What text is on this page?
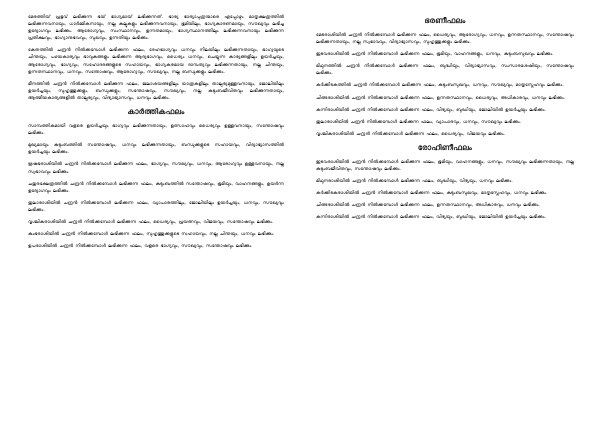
മേരത്തിയ് പ്രഭുവ് ലഭിക്കുന്ന ഭയ് ഭാഗ്യമായ് ലഭിക്കുന്നത്. ഭാര്യ ഭാര്യാപുത്രന്മാരെ എപ്പോഴും മാതൃക്ഷത്രത്തിൽ ലഭിക്കുന്നവനായും, ധാർമ്മികനായും, നല്ല കല്പുകളും ലഭിക്കുന്നവനായും, ഭൂമിയിലും, ഭാഗ്യകാരണമായും, സൗഖ്യവും ലഭിച്ച ഉദ്യോഗവും ലഭിക്കും. ആരോഗ്യവും, സംസ്ഥാനവും, ഉന്നതമായും, ഭാഗ്യസ്ഥാനത്തിലും ലഭിക്കുന്നവനായും ലഭിക്കുന്ന പ്രതിക്ഷവും, ഭാഗ്യാനുഭവവും, സുഖവും, ഉന്നതിയും ലഭിക്കും.

കേതത്തിൽ ചന്ദ്രൻ നിൽക്കമ്പോൾ ലഭിക്കുന്ന ഫലം, ദേഹഭാഗ്യവും ധനവും നിലയിലും ലഭിക്കുന്നതായും, ഭാഗ്യയുടെ ചിന്തയും, പഴയകാര്യവും ഭാവുകങ്ങളും ലഭിക്കുന്ന ആദ്യഭാഗവും, ധൈര്യം ധനവും, ചെയ്യുന്ന കാര്യങ്ങളിലും ഉയർച്ചയും, ആരോഗ്യവും, ഭാഗ്യവും, സഹോദരങ്ങളുടെ സഹായവും, ഭാഗ്യകരമായ ദാമ്പത്യവും ലഭിക്കുന്നതായും, നല്ല ചിന്തയും, ഉന്നതസ്ഥാനവും, ധനവും, സന്തോഷവും, ആരോഗ്യവും, സൗഖ്യവും, നല്ല ബന്ധുക്കളും ലഭിക്കും.

മീനത്തിൽ ചന്ദ്രൻ നിൽക്കമ്പോൾ ലഭിക്കുന്ന ഫലം, ജലാശയങ്ങളിലും യാത്രകളിലും താല്പര്യമുള്ളവനായും, ജോലിയിലും ഉയർച്ചയും, സുഹൃത്തുക്കളും, ബന്ധുക്കളും, സന്തോഷവും, സൗഖ്യവും, നല്ല കുടുംബജീവിതവും ലഭിക്കുന്നതായും, ആത്മീയകാര്യങ്ങളിൽ താല്പര്യവും, വിദ്യാഭ്യാസവും, ധനവും ലഭിക്കും.

കാർത്തികഫലം

സാമ്പത്തികമായി വളരെ ഉയർച്ചയും ഭാഗ്യവും ലഭിക്കുന്നതായും, ഉത്സാഹവും ധൈര്യവും ഉള്ളവനായും, സന്തോഷവും ലഭിക്കും.

മുഖ്യമായും കുടുംബത്തിൽ സന്തോഷവും, ധനവും ലഭിക്കുന്നതായും, ബന്ധുക്കളുടെ സഹായവും, വിദ്യാഭ്യാസത്തിൽ ഉയർച്ചയും ലഭിക്കും.

ഋഷഭരാശിയിൽ ചന്ദ്രൻ നിൽക്കമ്പോൾ ലഭിക്കുന്ന ഫലം, ഭാഗ്യവും, സൗഖ്യവും, ധനവും, ആരോഗ്യവും ഉള്ളവനായും, നല്ല സ്വഭാവവും ലഭിക്കും.

ചതുരക്ഷേത്രത്തിൽ ചന്ദ്രൻ നിൽക്കമ്പോൾ ലഭിക്കുന്ന ഫലം, കുടുംബത്തിൽ സന്തോഷവും, ഭൂമിയും, വാഹനങ്ങളും, ഉയർന്ന ഉദ്യോഗവും ലഭിക്കും.

തുലാരാശിയിൽ ചന്ദ്രൻ നിൽക്കമ്പോൾ ലഭിക്കുന്ന ഫലം, വ്യാപാരത്തിലും, ജോലിയിലും ഉയർച്ചയും, ധനവും, സൗഖ്യവും ലഭിക്കും.

വൃശ്ചികരാശിയിൽ ചന്ദ്രൻ നിൽക്കമ്പോൾ ലഭിക്കുന്ന ഫലം, ധൈര്യവും, പ്രയത്നവും, വിജയവും, സന്തോഷവും ലഭിക്കും.

കുംഭരാശിയിൽ ചന്ദ്രൻ നിൽക്കമ്പോൾ ലഭിക്കുന്ന ഫലം, സുഹൃത്തുക്കളുടെ സഹായവും, നല്ല ചിന്തയും, ധനവും ലഭിക്കും.

ഉപരാശിയിൽ ചന്ദ്രൻ നിൽക്കമ്പോൾ ലഭിക്കുന്ന ഫലം, വളരെ ഭാഗ്യവും, സൗഖ്യവും, സന്തോഷവും ലഭിക്കും.

ഭരണീഫലം

മേടരാശിയിൽ ചന്ദ്രൻ നിൽക്കമ്പോൾ ലഭിക്കുന്ന ഫലം, ധൈര്യവും, ആരോഗ്യവും, ധനവും, ഉന്നതസ്ഥാനവും, സന്തോഷവും ലഭിക്കുന്നതായും, നല്ല സ്വഭാവവും, വിദ്യാഭ്യാസവും, സുഹൃത്തുക്കളും ലഭിക്കും.

ഇടവരാശിയിൽ ചന്ദ്രൻ നിൽക്കമ്പോൾ ലഭിക്കുന്ന ഫലം, ഭൂമിയും, വാഹനങ്ങളും, ധനവും, കുടുംബസുഖവും ലഭിക്കും.

മിഥുനത്തിൽ ചന്ദ്രൻ നിൽക്കമ്പോൾ ലഭിക്കുന്ന ഫലം, ബുദ്ധിയും, വിദ്യാഭ്യാസവും, സംസാരശേഷിയും, സന്തോഷവും ലഭിക്കും.

കർക്കിടകത്തിൽ ചന്ദ്രൻ നിൽക്കമ്പോൾ ലഭിക്കുന്ന ഫലം, കുടുംബസുഖവും, ധനവും, സൗഖ്യവും, മാതൃസ്നേഹവും ലഭിക്കും.

ചിങ്ങരാശിയിൽ ചന്ദ്രൻ നിൽക്കമ്പോൾ ലഭിക്കുന്ന ഫലം, ഉന്നതസ്ഥാനവും, ധൈര്യവും, അധികാരവും, ധനവും ലഭിക്കും.

കന്നിരാശിയിൽ ചന്ദ്രൻ നിൽക്കമ്പോൾ ലഭിക്കുന്ന ഫലം, വിദ്യയും, ബുദ്ധിയും, ജോലിയിൽ ഉയർച്ചയും ലഭിക്കും.

തുലാരാശിയിൽ ചന്ദ്രൻ നിൽക്കമ്പോൾ ലഭിക്കുന്ന ഫലം, വ്യാപാരവും, ധനവും, സൗഖ്യവും ലഭിക്കും.

വൃശ്ചികരാശിയിൽ ചന്ദ്രൻ നിൽക്കമ്പോൾ ലഭിക്കുന്ന ഫലം, ധൈര്യവും, വിജയവും ലഭിക്കും.

രോഹിണീഫലം

ഇടവരാശിയിൽ ചന്ദ്രൻ നിൽക്കമ്പോൾ ലഭിക്കുന്ന ഫലം, ഭൂമിയും, വാഹനങ്ങളും, ധനവും, സൗഖ്യവും ലഭിക്കുന്നതായും, നല്ല കുടുംബജീവിതവും, സന്തോഷവും ലഭിക്കും.

മിഥുനരാശിയിൽ ചന്ദ്രൻ നിൽക്കമ്പോൾ ലഭിക്കുന്ന ഫലം, ബുദ്ധിയും, വിദ്യയും, ധനവും ലഭിക്കും.

കർക്കിടകരാശിയിൽ ചന്ദ്രൻ നിൽക്കമ്പോൾ ലഭിക്കുന്ന ഫലം, കുടുംബസുഖവും, മാതൃസ്നേഹവും, ധനവും ലഭിക്കും.

ചിങ്ങരാശിയിൽ ചന്ദ്രൻ നിൽക്കമ്പോൾ ലഭിക്കുന്ന ഫലം, ഉന്നതസ്ഥാനവും, അധികാരവും, ധനവും ലഭിക്കും.

കന്നിരാശിയിൽ ചന്ദ്രൻ നിൽക്കമ്പോൾ ലഭിക്കുന്ന ഫലം, വിദ്യയും, ബുദ്ധിയും, ജോലിയിൽ ഉയർച്ചയും ലഭിക്കും.
